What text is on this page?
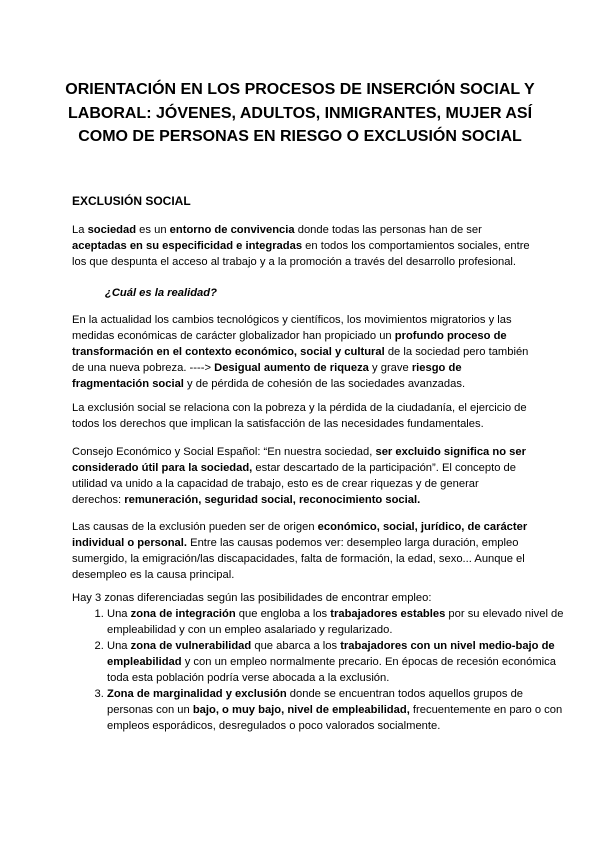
ORIENTACIÓN EN LOS PROCESOS DE INSERCIÓN SOCIAL Y LABORAL: JÓVENES, ADULTOS, INMIGRANTES, MUJER ASÍ COMO DE PERSONAS EN RIESGO O EXCLUSIÓN SOCIAL
EXCLUSIÓN SOCIAL

La sociedad es un entorno de convivencia donde todas las personas han de ser aceptadas en su especificidad e integradas en todos los comportamientos sociales, entre los que despunta el acceso al trabajo y a la promoción a través del desarrollo profesional.

¿Cuál es la realidad?

En la actualidad los cambios tecnológicos y científicos, los movimientos migratorios y las medidas económicas de carácter globalizador han propiciado un profundo proceso de transformación en el contexto económico, social y cultural de la sociedad pero también de una nueva pobreza. ----> Desigual aumento de riqueza y grave riesgo de fragmentación social y de pérdida de cohesión de las sociedades avanzadas.

La exclusión social se relaciona con la pobreza y la pérdida de la ciudadanía, el ejercicio de todos los derechos que implican la satisfacción de las necesidades fundamentales.

Consejo Económico y Social Español: “En nuestra sociedad, ser excluido significa no ser considerado útil para la sociedad, estar descartado de la participación”. El concepto de utilidad va unido a la capacidad de trabajo, esto es de crear riquezas y de generar derechos: remuneración, seguridad social, reconocimiento social.

Las causas de la exclusión pueden ser de origen económico, social, jurídico, de carácter individual o personal. Entre las causas podemos ver: desempleo larga duración, empleo sumergido, la emigración/las discapacidades, falta de formación, la edad, sexo... Aunque el desempleo es la causa principal.

Hay 3 zonas diferenciadas según las posibilidades de encontrar empleo:

1. Una zona de integración que engloba a los trabajadores estables por su elevado nivel de empleabilidad y con un empleo asalariado y regularizado.
2. Una zona de vulnerabilidad que abarca a los trabajadores con un nivel medio-bajo de empleabilidad y con un empleo normalmente precario. En épocas de recesión económica toda esta población podría verse abocada a la exclusión.
3. Zona de marginalidad y exclusión donde se encuentran todos aquellos grupos de personas con un bajo, o muy bajo, nivel de empleabilidad, frecuentemente en paro o con empleos esporádicos, desregulados o poco valorados socialmente.
